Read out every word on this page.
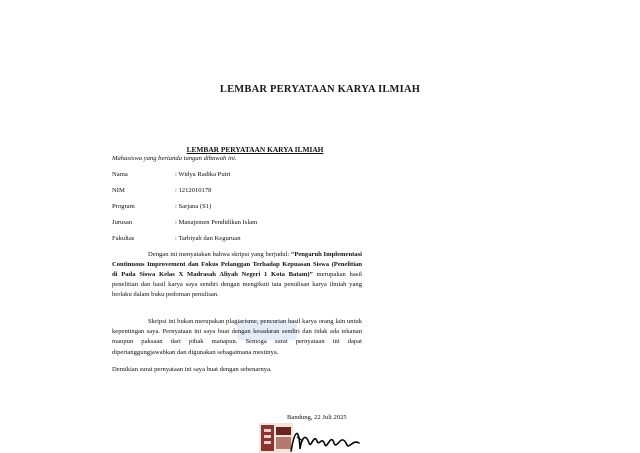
LEMBAR PERYATAAN KARYA ILMIAH
LEMBAR PERYATAAN KARYA ILMIAH
Mahasiswa yang bertanda tangan dibawah ini.
Nama	: Widya Radika Putri
NIM	: 1212010178
Program	: Sarjana (S1)
Jurusan	: Manajemen Pendidikan Islam
Fakultas	: Tarbiyah dan Keguruan
Dengan ini menyatakan bahwa skripsi yang berjudul: “Pengaruh Implementasi Continuous Improvement dan Fokus Pelanggan Terhadap Kepuasan Siswa (Penelitian di Pada Siswa Kelas X Madrasah Aliyah Negeri 1 Kota Batam)” merupakan hasil penelitian dan hasil karya saya sendiri dengan mengikuti tata penulisan karya ilmiah yang berlaku dalam buku pedoman penulisan.
Skripsi ini bukan merupakan plagiarisme, pencurian hasil karya orang lain untuk kepentingan saya. Pernyataan ini saya buat dengan kesadaran sendiri dan tidak ada tekanan maupun paksaan dari pihak manapun. Semoga surat pernyataan ini dapat dipertanggungjawabkan dan digunakan sebagaimana mestinya.
Demikian surat pernyataan ini saya buat dengan sebenarnya.
Bandung, 22 Juli 2025
